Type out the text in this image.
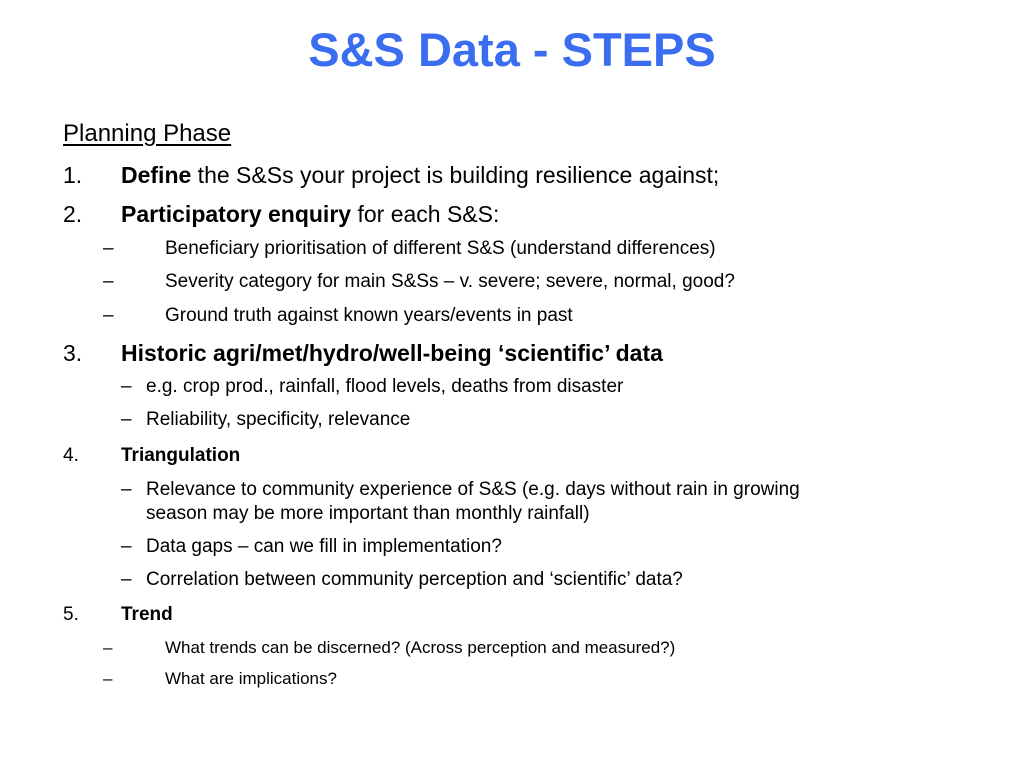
S&S Data - STEPS
Planning Phase
1. Define the S&Ss your project is building resilience against;
2. Participatory enquiry for each S&S:
–	Beneficiary prioritisation of different S&S (understand differences)
–	Severity category for main S&Ss – v. severe; severe, normal, good?
–	Ground truth against known years/events in past
3. Historic agri/met/hydro/well-being ‘scientific’ data
– e.g. crop prod., rainfall, flood levels, deaths from disaster
– Reliability, specificity, relevance
4. Triangulation
– Relevance to community experience of S&S (e.g. days without rain in growing
season may be more important than monthly rainfall)
– Data gaps – can we fill in implementation?
– Correlation between community perception and ‘scientific’ data?
5. Trend
–	What trends can be discerned? (Across perception and measured?)
–	What are implications?
